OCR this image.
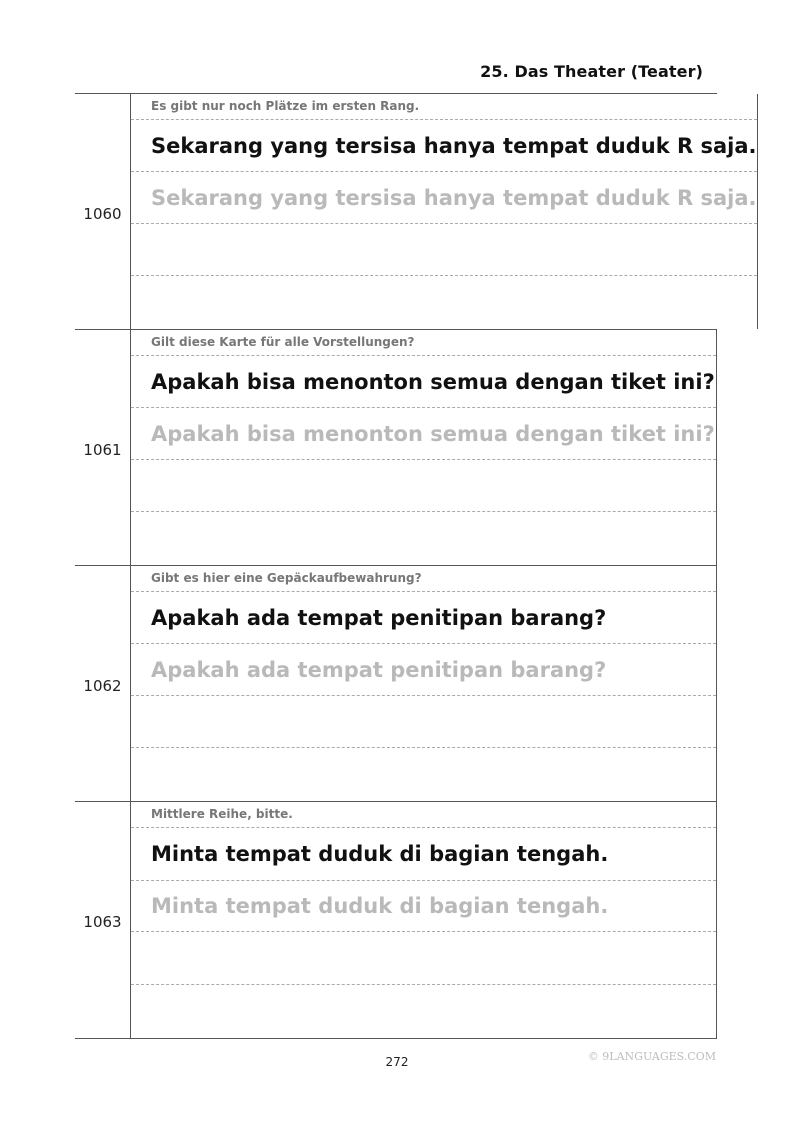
25. Das Theater (Teater)
1060
Es gibt nur noch Plätze im ersten Rang.
Sekarang yang tersisa hanya tempat duduk R saja.
Sekarang yang tersisa hanya tempat duduk R saja.
1061
Gilt diese Karte für alle Vorstellungen?
Apakah bisa menonton semua dengan tiket ini?
Apakah bisa menonton semua dengan tiket ini?
1062
Gibt es hier eine Gepäckaufbewahrung?
Apakah ada tempat penitipan barang?
Apakah ada tempat penitipan barang?
1063
Mittlere Reihe, bitte.
Minta tempat duduk di bagian tengah.
Minta tempat duduk di bagian tengah.
272	© 9LANGUAGES.COM
